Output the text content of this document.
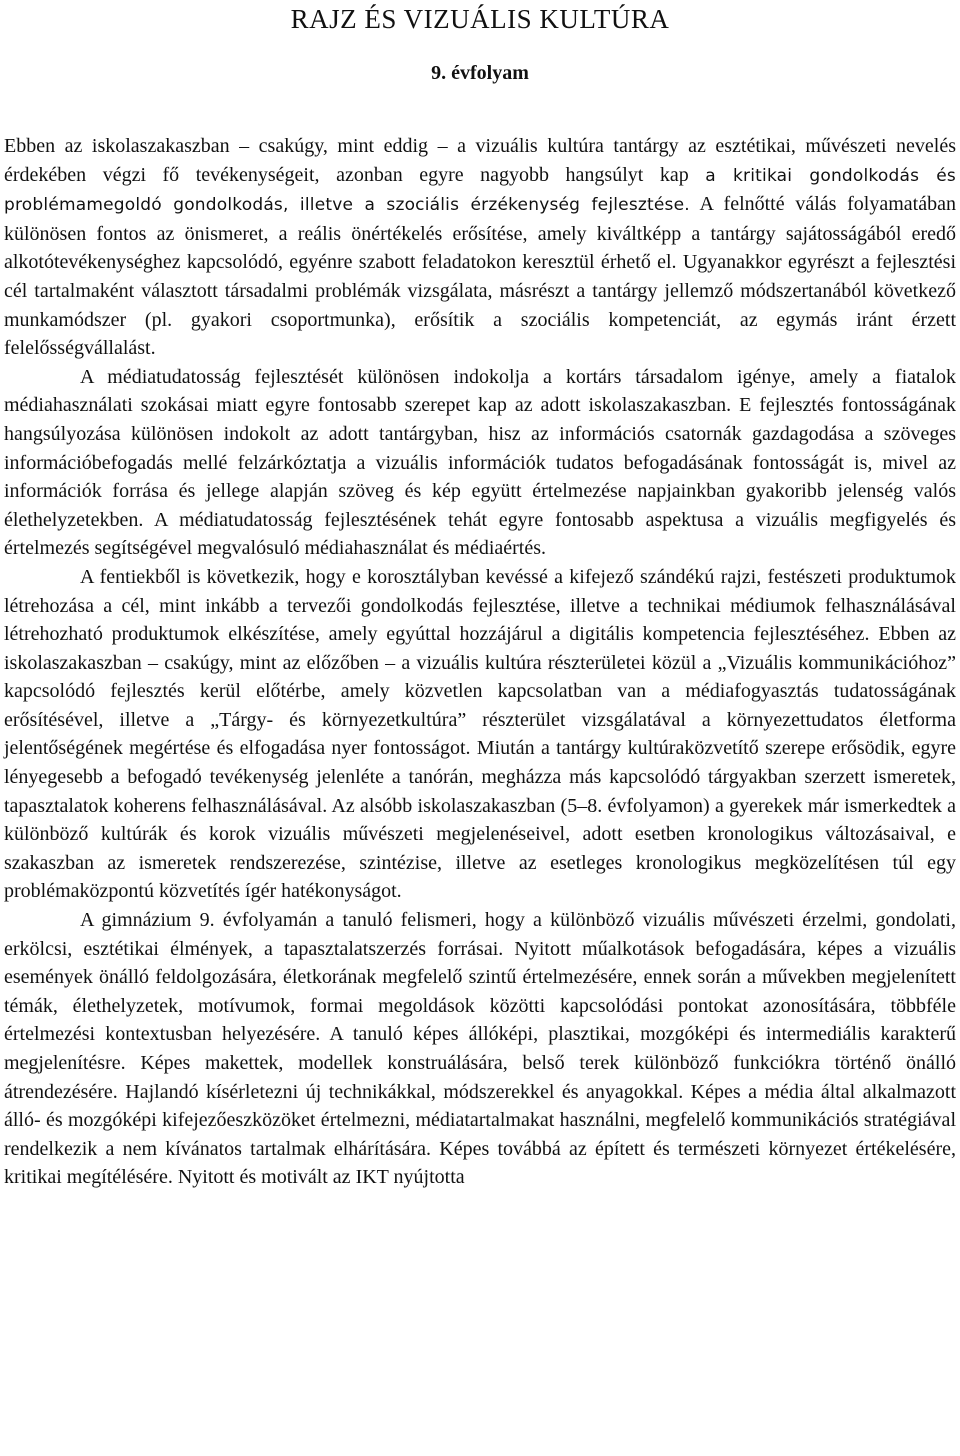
RAJZ ÉS VIZUÁLIS KULTÚRA
9. évfolyam

Ebben az iskolaszakaszban – csakúgy, mint eddig – a vizuális kultúra tantárgy az esztétikai, művészeti nevelés érdekében végzi fő tevékenységeit, azonban egyre nagyobb hangsúlyt kap a kritikai gondolkodás és problémamegoldó gondolkodás, illetve a szociális érzékenység fejlesztése. A felnőtté válás folyamatában különösen fontos az önismeret, a reális önértékelés erősítése, amely kiváltképp a tantárgy sajátosságából eredő alkotótevékenységhez kapcsolódó, egyénre szabott feladatokon keresztül érhető el. Ugyanakkor egyrészt a fejlesztési cél tartalmaként választott társadalmi problémák vizsgálata, másrészt a tantárgy jellemző módszertanából következő munkamódszer (pl. gyakori csoportmunka), erősítik a szociális kompetenciát, az egymás iránt érzett felelősségvállalást.

A médiatudatosság fejlesztését különösen indokolja a kortárs társadalom igénye, amely a fiatalok médiahasználati szokásai miatt egyre fontosabb szerepet kap az adott iskolaszakaszban. E fejlesztés fontosságának hangsúlyozása különösen indokolt az adott tantárgyban, hisz az információs csatornák gazdagodása a szöveges információbefogadás mellé felzárkóztatja a vizuális információk tudatos befogadásának fontosságát is, mivel az információk forrása és jellege alapján szöveg és kép együtt értelmezése napjainkban gyakoribb jelenség valós élethelyzetekben. A médiatudatosság fejlesztésének tehát egyre fontosabb aspektusa a vizuális megfigyelés és értelmezés segítségével megvalósuló médiahasználat és médiaértés.

A fentiekből is következik, hogy e korosztályban kevéssé a kifejező szándékú rajzi, festészeti produktumok létrehozása a cél, mint inkább a tervezői gondolkodás fejlesztése, illetve a technikai médiumok felhasználásával létrehozható produktumok elkészítése, amely egyúttal hozzájárul a digitális kompetencia fejlesztéséhez. Ebben az iskolaszakaszban – csakúgy, mint az előzőben – a vizuális kultúra részterületei közül a „Vizuális kommunikációhoz” kapcsolódó fejlesztés kerül előtérbe, amely közvetlen kapcsolatban van a médiafogyasztás tudatosságának erősítésével, illetve a „Tárgy- és környezetkultúra” részterület vizsgálatával a környezettudatos életforma jelentőségének megértése és elfogadása nyer fontosságot. Miután a tantárgy kultúraközvetítő szerepe erősödik, egyre lényegesebb a befogadó tevékenység jelenléte a tanórán, megházza más kapcsolódó tárgyakban szerzett ismeretek, tapasztalatok koherens felhasználásával. Az alsóbb iskolaszakaszban (5–8. évfolyamon) a gyerekek már ismerkedtek a különböző kultúrák és korok vizuális művészeti megjelenéseivel, adott esetben kronologikus változásaival, e szakaszban az ismeretek rendszerezése, szintézise, illetve az esetleges kronologikus megközelítésen túl egy problémaközpontú közvetítés ígér hatékonyságot.

A gimnázium 9. évfolyamán a tanuló felismeri, hogy a különböző vizuális művészeti érzelmi, gondolati, erkölcsi, esztétikai élmények, a tapasztalatszerzés forrásai. Nyitott műalkotások befogadására, képes a vizuális események önálló feldolgozására, életkorának megfelelő szintű értelmezésére, ennek során a művekben megjelenített témák, élethelyzetek, motívumok, formai megoldások közötti kapcsolódási pontokat azonosítására, többféle értelmezési kontextusban helyezésére. A tanuló képes állóképi, plasztikai, mozgóképi és intermediális karakterű megjelenítésre. Képes makettek, modellek konstruálására, belső terek különböző funkciókra történő önálló átrendezésére. Hajlandó kísérletezni új technikákkal, módszerekkel és anyagokkal. Képes a média által alkalmazott álló- és mozgóképi kifejezőeszközöket értelmezni, médiatartalmakat használni, megfelelő kommunikációs stratégiával rendelkezik a nem kívánatos tartalmak elhárítására. Képes továbbá az épített és természeti környezet értékelésére, kritikai megítélésére. Nyitott és motivált az IKT nyújtotta
